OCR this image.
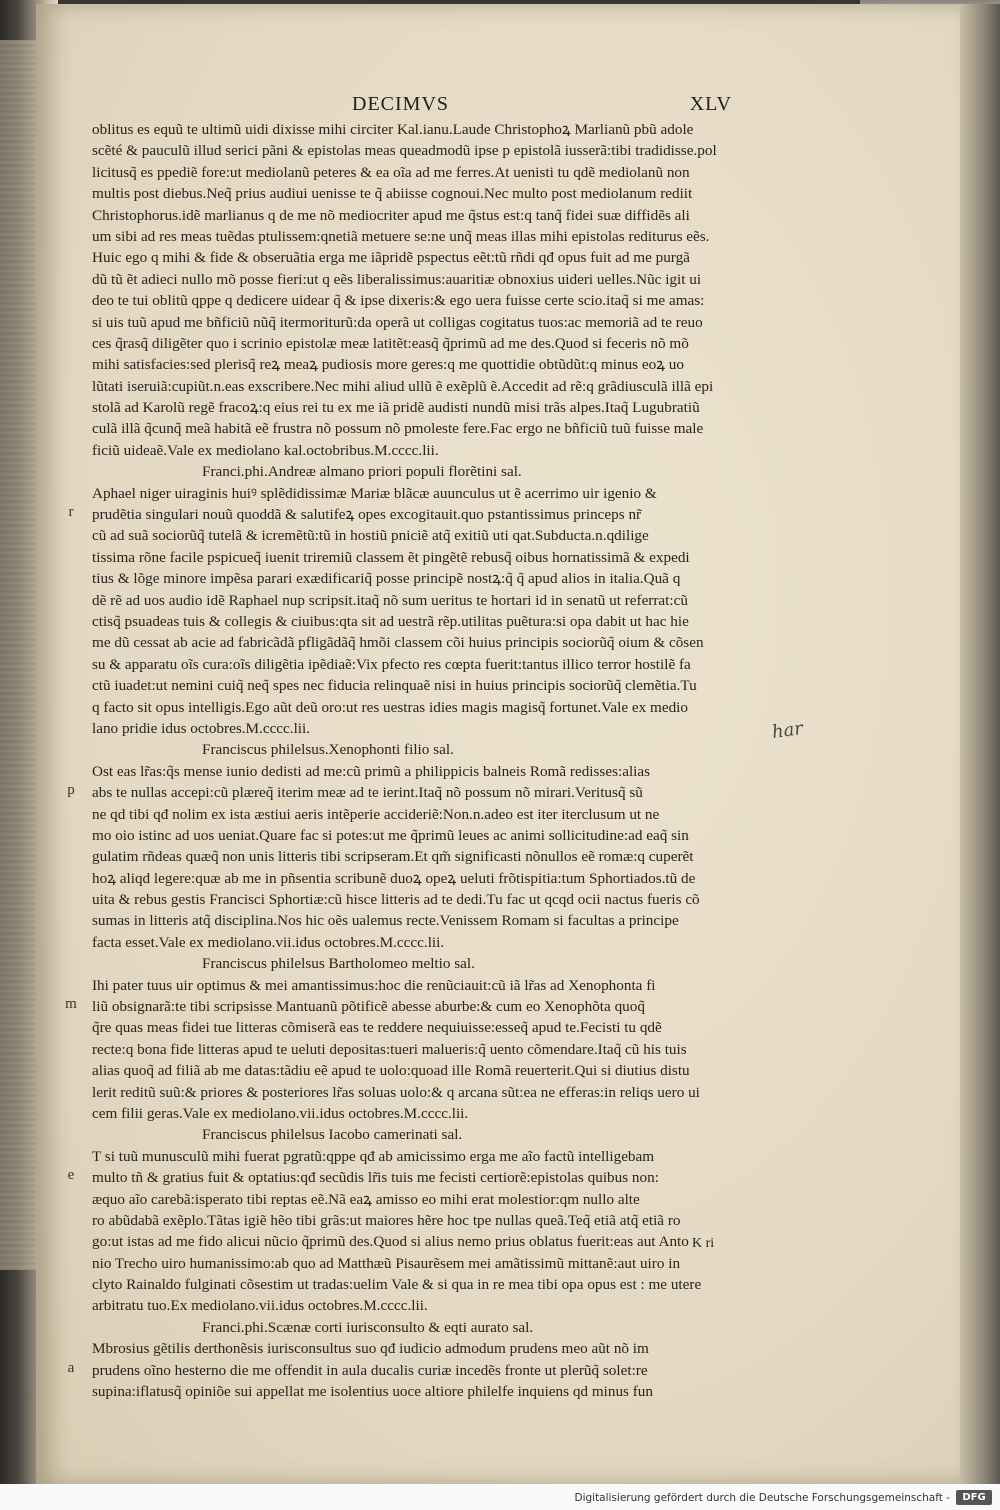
DECIMVS	XLV
oblitus es equũ te ultimũ uidi dixisse mihi circiter Kal.ianu.Laude Christophoꝝ Marlianũ pbũ adole
scẽté & pauculũ illud serici pãni & epistolas meas queadmodũ ipse p epistolã iusserã:tibi tradidisse.pol
licitusq̃ es ppediẽ fore:ut mediolanũ peteres & ea oĩa ad me ferres.At uenisti tu qdẽ mediolanũ non
multis post diebus.Neq̃ prius audiui uenisse te q̃ abiisse cognoui.Nec multo post mediolanum rediit
Christophorus.idẽ marlianus q de me nõ mediocriter apud me q̃stus est:q tanq̃ fidei suæ diffidẽs ali
um sibi ad res meas tuẽdas ptulissem:qnetiã metuere se:ne unq̃ meas illas mihi epistolas rediturus eẽs.
Huic ego q mihi & fide & obseruãtia erga me iãpridẽ pspectus eẽt:tũ rñdi qđ opus fuit ad me purgã
dũ tũ ẽt adieci nullo mõ posse fieri:ut q eẽs liberalissimus:auaritiæ obnoxius uideri uelles.Nũc igit ui
deo te tui oblitũ qppe q dedicere uidear q̃ & ipse dixeris:& ego uera fuisse certe scio.itaq̃ si me amas:
si uis tuũ apud me bñficiũ nũq̃ itermoriturũ:da operã ut colligas cogitatus tuos:ac memoriã ad te reuo
ces q̃rasq̃ diligẽter quo i scrinio epistolæ meæ latitẽt:easq̃ q̃primũ ad me des.Quod si feceris nõ mõ
mihi satisfacies:sed plerisq̃ reꝝ meaꝝ pudiosis more geres:q me quottidie obtũdũt:q minus eoꝝ uo
lũtati iseruiã:cupiũt.n.eas exscribere.Nec mihi aliud ullũ ẽ exẽplũ ẽ.Accedit ad rẽ:q grãdiusculã illã epi
stolã ad Karolũ regẽ fracoꝝ:q eius rei tu ex me iã pridẽ audisti nundũ misi trãs alpes.Itaq̃ Lugubratiũ
culã illã q̃cunq̃ meã habitã eẽ frustra nõ possum nõ pmoleste fere.Fac ergo ne bñficiũ tuũ fuisse male
ficiũ uideaẽ.Vale ex mediolano kal.octobribus.M.cccc.lii.
Franci.phi.Andreæ almano priori populi florẽtini sal.
r
Aphael niger uiraginis huiꝰ splẽdidissimæ Mariæ blãcæ auunculus ut ẽ acerrimo uir igenio &
prudẽtia singulari nouũ quoddã & salutifeꝝ opes excogitauit.quo pstantissimus princeps nr̃
cũ ad suã sociorũq̃ tutelã & icremẽtũ:tũ in hostiũ pniciẽ atq̃ exitiũ uti qat.Subducta.n.qdilige
tissima rõne facile pspicueq̃ iuenit triremiũ classem ẽt pingẽtẽ rebusq̃ oibus hornatissimã & expedi
tius & lõge minore impẽsa parari exædificariq̃ posse principẽ nostꝝ:q̃ q̃ apud alios in italia.Quã q
dẽ rẽ ad uos audio idẽ Raphael nup scripsit.itaq̃ nõ sum ueritus te hortari id in senatũ ut referrat:cũ
ctisq̃ psuadeas tuis & collegis & ciuibus:qta sit ad uestrã rẽp.utilitas puẽtura:si opa dabit ut hac hie
me dũ cessat ab acie ad fabricãdã pfligãdãq̃ hmõi classem cõi huius principis sociorũq̃ oium & cõsen
su & apparatu oĩs cura:oĩs diligẽtia ipẽdiaẽ:Vix pfecto res cœpta fuerit:tantus illico terror hostilẽ fa
ctũ iuadet:ut nemini cuiq̃ neq̃ spes nec fiducia relinquaẽ nisi in huius principis sociorũq̃ clemẽtia.Tu
q facto sit opus intelligis.Ego aũt deũ oro:ut res uestras idies magis magisq̃ fortunet.Vale ex medio
lano pridie idus octobres.M.cccc.lii.
Franciscus philelsus.Xenophonti filio sal.
p
Ost eas lr̃as:q̃s mense iunio dedisti ad me:cũ primũ a philippicis balneis Romã redisses:alias
abs te nullas accepi:cũ plæreq̃ iterim meæ ad te ierint.Itaq̃ nõ possum nõ mirari.Veritusq̃ sũ
ne qd tibi qđ nolim ex ista æstiui aeris intẽperie accideriẽ:Non.n.adeo est iter iterclusum ut ne
mo oio istinc ad uos ueniat.Quare fac si potes:ut me q̃primũ leues ac animi sollicitudine:ad eaq̃ sin
gulatim rñdeas quæq̃ non unis litteris tibi scripseram.Et qm̃ significasti nõnullos eẽ romæ:q cuperẽt
hoꝝ aliqd legere:quæ ab me in pñsentia scribunẽ duoꝝ opeꝝ ueluti frõtispitia:tum Sphortiados.tũ de
uita & rebus gestis Francisci Sphortiæ:cũ hisce litteris ad te dedi.Tu fac ut qcqd ocii nactus fueris cõ
sumas in litteris atq̃ disciplina.Nos hic oẽs ualemus recte.Venissem Romam si facultas a principe
facta esset.Vale ex mediolano.vii.idus octobres.M.cccc.lii.
Franciscus philelsus Bartholomeo meltio sal.
m
Ihi pater tuus uir optimus & mei amantissimus:hoc die renũciauit:cũ iã lr̃as ad Xenophonta fi
liũ obsignarã:te tibi scripsisse Mantuanũ põtificẽ abesse aburbe:& cum eo Xenophõta quoq̃
q̃re quas meas fidei tue litteras cõmiserã eas te reddere nequiuisse:esseq̃ apud te.Fecisti tu qdẽ
recte:q bona fide litteras apud te ueluti depositas:tueri malueris:q̃ uento cõmendare.Itaq̃ cũ his tuis
alias quoq̃ ad filiã ab me datas:tãdiu eẽ apud te uolo:quoad ille Romã reuerterit.Qui si diutius distu
lerit reditũ suũ:& priores & posteriores lr̃as soluas uolo:& q arcana sũt:ea ne efferas:in reliqs uero ui
cem filii geras.Vale ex mediolano.vii.idus octobres.M.cccc.lii.
Franciscus philelsus Iacobo camerinati sal.
e
T si tuũ munusculũ mihi fuerat pgratũ:qppe qđ ab amicissimo erga me aĩo factũ intelligebam
multo tñ & gratius fuit & optatius:qđ secũdis lr̃is tuis me fecisti certiorẽ:epistolas quibus non:
æquo aĩo carebã:isperato tibi reptas eẽ.Nã eaꝝ amisso eo mihi erat molestior:qm nullo alte
ro abũdabã exẽplo.Tãtas igiẽ hẽo tibi grãs:ut maiores hẽre hoc tpe nullas queã.Teq̃ etiã atq̃ etiã ro
go:ut istas ad me fido alicui nũcio q̃primũ des.Quod si alius nemo prius oblatus fuerit:eas aut Anto
nio Trecho uiro humanissimo:ab quo ad Matthæũ Pisaurẽsem mei amãtissimũ mittanẽ:aut uiro in
clyto Rainaldo fulginati cõsestim ut tradas:uelim Vale & si qua in re mea tibi opa opus est : me utere
arbitratu tuo.Ex mediolano.vii.idus octobres.M.cccc.lii.
Franci.phi.Scænæ corti iurisconsulto & eqti aurato sal.
a
Mbrosius gẽtilis derthonẽsis iurisconsultus suo qđ iudicio admodum prudens meo aũt nõ im
prudens oĩno hesterno die me offendit in aula ducalis curiæ incedẽs fronte ut plerũq̃ solet:re
supina:iflatusq̃ opiniõe sui appellat me isolentius uoce altiore philelfe inquiens qd minus fun
har
K ri
Digitalisierung gefördert durch die Deutsche Forschungsgemeinschaft -	DFG
